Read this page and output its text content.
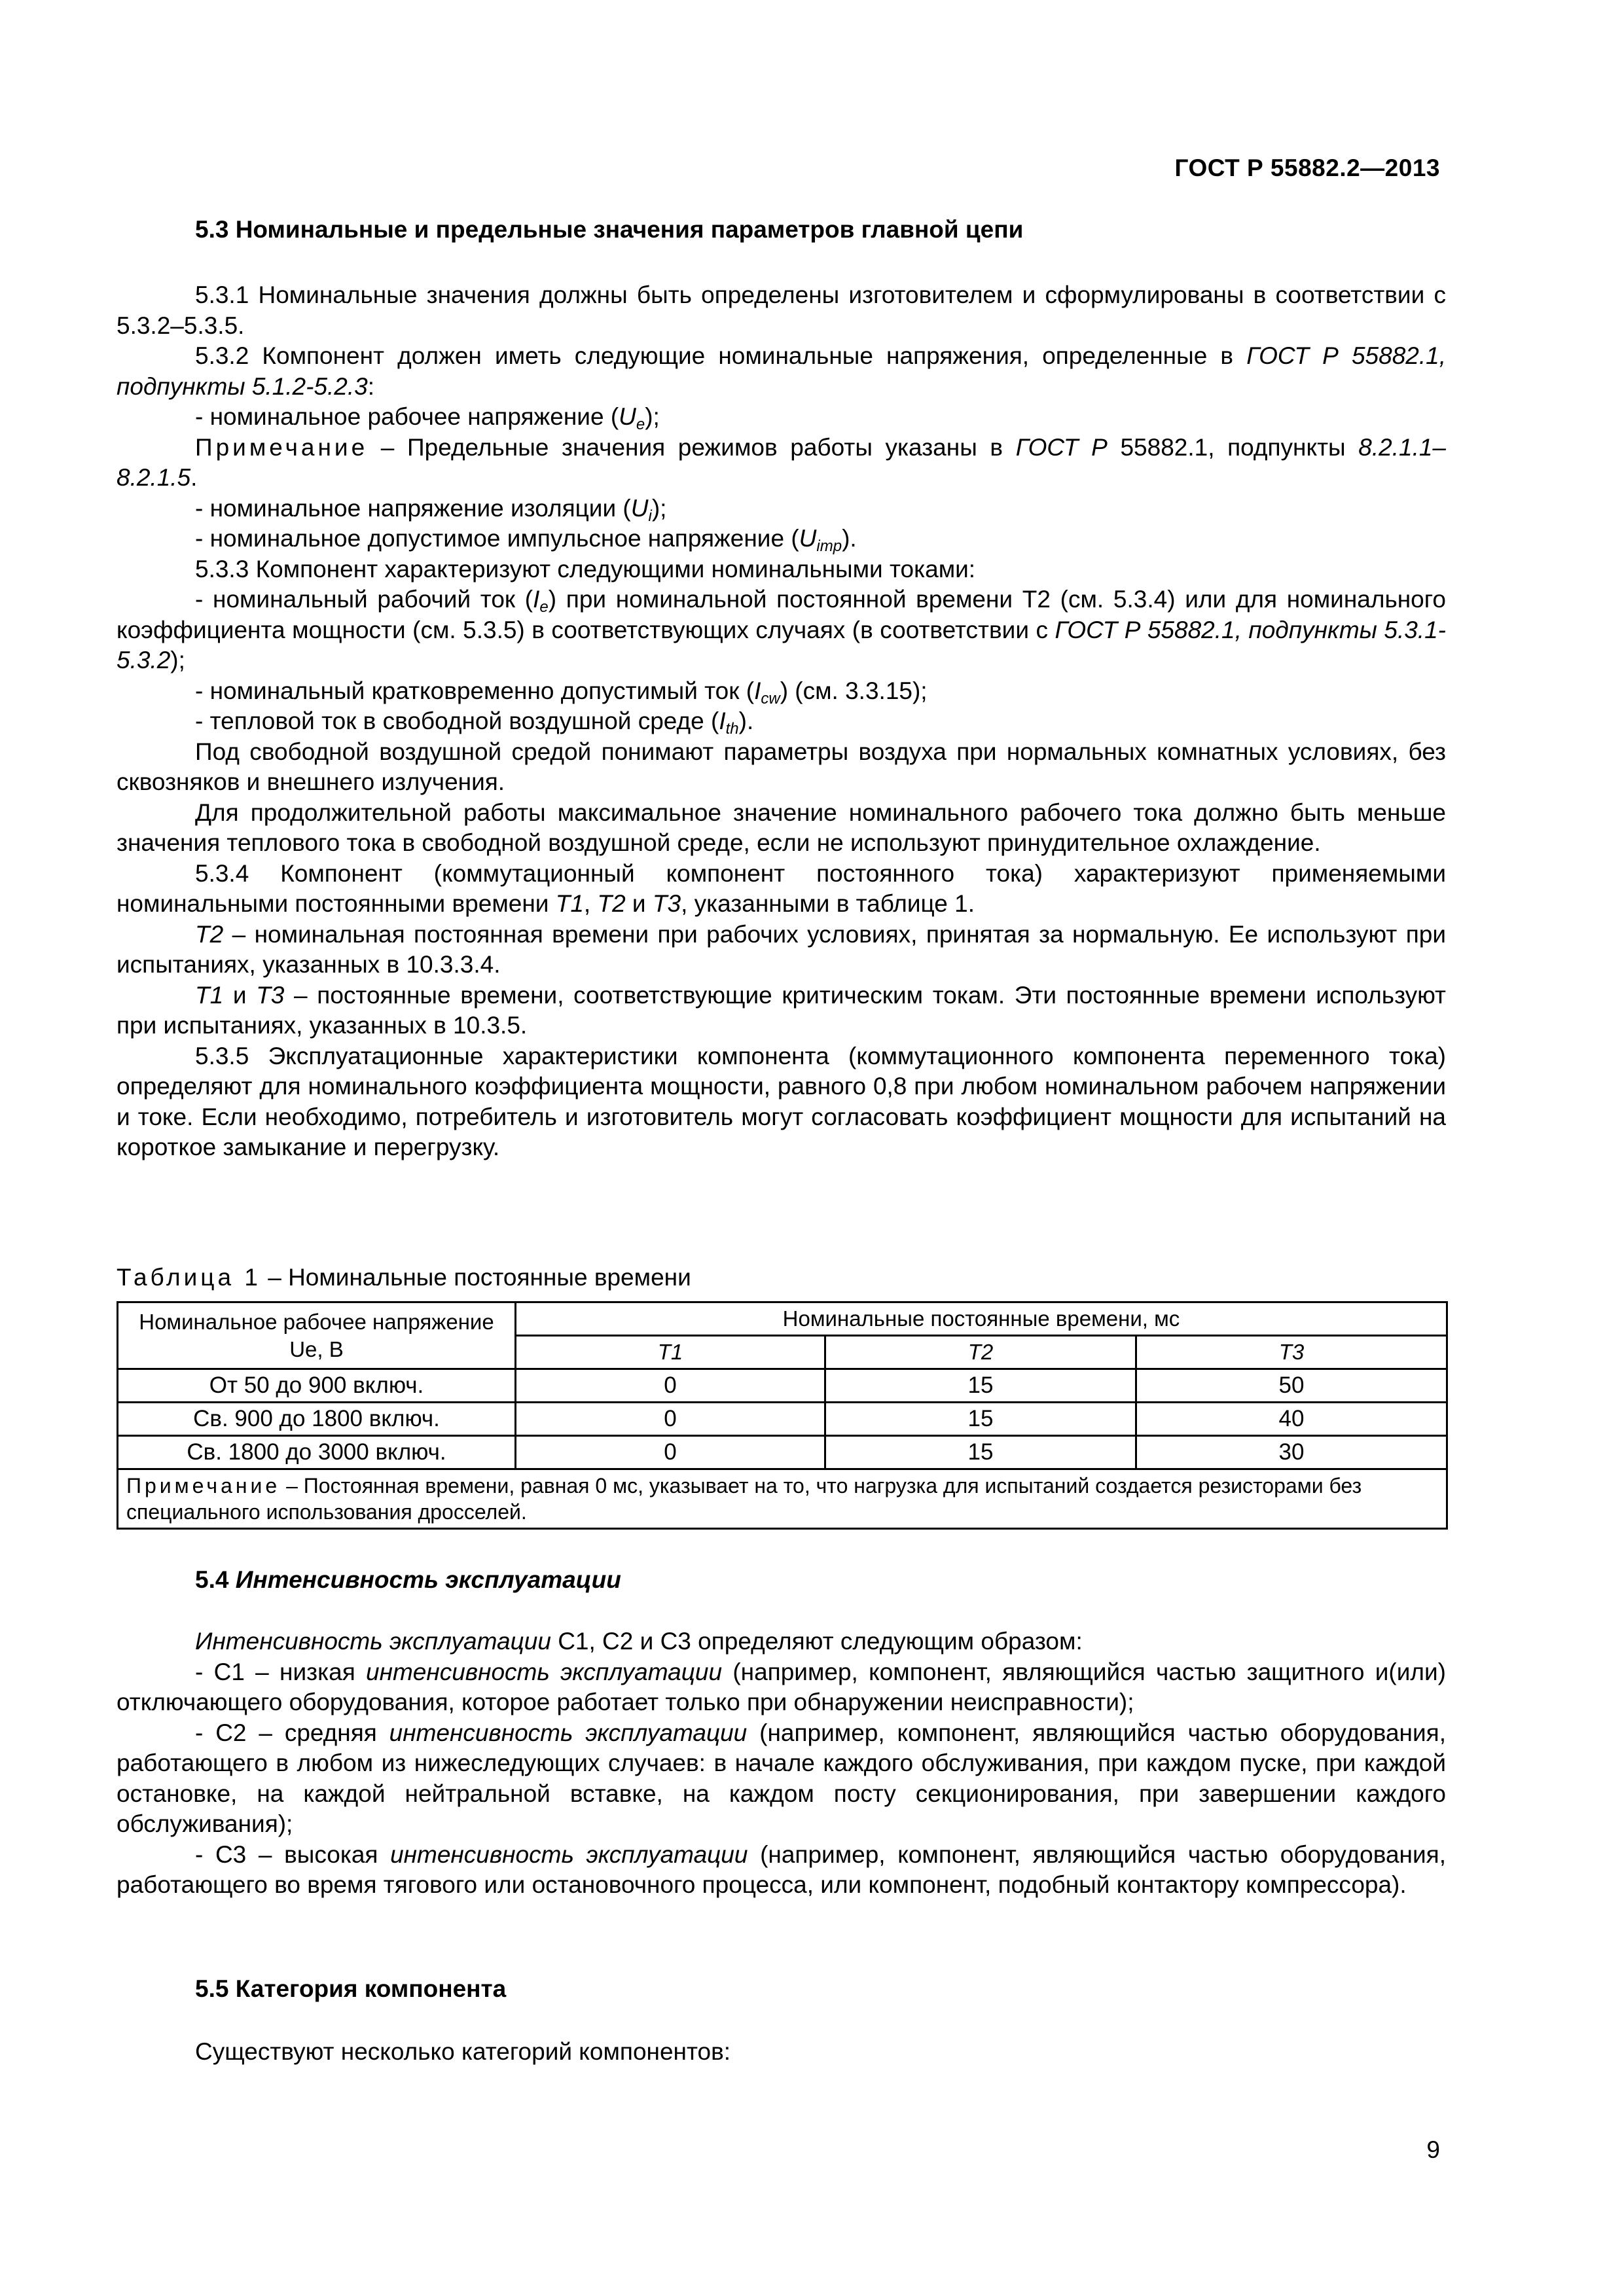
ГОСТ Р 55882.2—2013
5.3 Номинальные и предельные значения параметров главной цепи

5.3.1 Номинальные значения должны быть определены изготовителем и сформулированы в соответствии с 5.3.2–5.3.5.

5.3.2 Компонент должен иметь следующие номинальные напряжения, определенные в ГОСТ Р 55882.1, подпункты 5.1.2-5.2.3:

- номинальное рабочее напряжение $(U_e)$;

Примечание – Предельные значения режимов работы указаны в ГОСТ Р 55882.1, подпункты 8.2.1.1–8.2.1.5.

- номинальное напряжение изоляции $(U_i)$;

- номинальное допустимое импульсное напряжение $(U_{imp})$.

5.3.3 Компонент характеризуют следующими номинальными токами:

- номинальный рабочий ток $(I_e)$ при номинальной постоянной времени Т2 (см. 5.3.4) или для номинального коэффициента мощности (см. 5.3.5) в соответствующих случаях (в соответствии с ГОСТ Р 55882.1, подпункты 5.3.1-5.3.2);

- номинальный кратковременно допустимый ток $(I_{cw})$ (см. 3.3.15);

- тепловой ток в свободной воздушной среде $(I_{th})$.

Под свободной воздушной средой понимают параметры воздуха при нормальных комнатных условиях, без сквозняков и внешнего излучения.

Для продолжительной работы максимальное значение номинального рабочего тока должно быть меньше значения теплового тока в свободной воздушной среде, если не используют принудительное охлаждение.

5.3.4 Компонент (коммутационный компонент постоянного тока) характеризуют применяемыми номинальными постоянными времени T1, T2 и T3, указанными в таблице 1.

T2 – номинальная постоянная времени при рабочих условиях, принятая за нормальную. Ее используют при испытаниях, указанных в 10.3.3.4.

T1 и T3 – постоянные времени, соответствующие критическим токам. Эти постоянные времени используют при испытаниях, указанных в 10.3.5.

5.3.5 Эксплуатационные характеристики компонента (коммутационного компонента переменного тока) определяют для номинального коэффициента мощности, равного 0,8 при любом номинальном рабочем напряжении и токе. Если необходимо, потребитель и изготовитель могут согласовать коэффициент мощности для испытаний на короткое замыкание и перегрузку.

Таблица 1 – Номинальные постоянные времени
Номинальное рабочее напряжение Ue, В	Номинальные постоянные времени, мс		
	T1	T2	T3
От 50 до 900 включ.	0	15	50
Св. 900 до 1800 включ.	0	15	40
Св. 1800 до 3000 включ.	0	15	30
Примечание – Постоянная времени, равная 0 мс, указывает на то, что нагрузка для испытаний создается резисторами без специального использования дросселей.			
5.4 Интенсивность эксплуатации

Интенсивность эксплуатации С1, С2 и С3 определяют следующим образом:

- С1 – низкая интенсивность эксплуатации (например, компонент, являющийся частью защитного и(или) отключающего оборудования, которое работает только при обнаружении неисправности);

- С2 – средняя интенсивность эксплуатации (например, компонент, являющийся частью оборудования, работающего в любом из нижеследующих случаев: в начале каждого обслуживания, при каждом пуске, при каждой остановке, на каждой нейтральной вставке, на каждом посту секционирования, при завершении каждого обслуживания);

- С3 – высокая интенсивность эксплуатации (например, компонент, являющийся частью оборудования, работающего во время тягового или остановочного процесса, или компонент, подобный контактору компрессора).

5.5 Категория компонента

Существуют несколько категорий компонентов:

9
